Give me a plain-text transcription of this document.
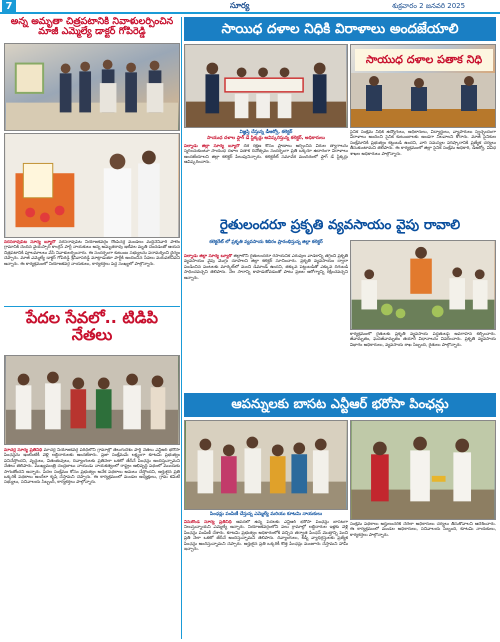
7	సూర్య	శుక్రవారం 2 జనవరి 2025
అన్న అమృతా చిత్రపటానికి నివాళులర్పించిన మాజీ ఎమ్మెల్యే డాక్టర్ గోపిరెడ్డి
నరసరావుపేట సూర్య బ్యూరో నరసరావుపేట నియోజకవర్గం రొంపిచర్ల మండలం మద్దినేనివారి పాలెం గ్రామానికి చెందిన వైయస్సార్ కాంగ్రెస్ పార్టీ నాయకులు అన్న అమృతరావు ఇటీవల మృతి చెందడంతో ఆయన చిత్రపటానికి పూలమాలలు వేసి నివాళులర్పించారు. ఈ సందర్భంగా కుటుంబ సభ్యులను పరామర్శించి ధైర్యం చెప్పారు. మాజీ ఎమ్మెల్యే డాక్టర్ గోపిరెడ్డి శ్రీనివాసరెడ్డి మాట్లాడుతూ పార్టీకి అందించిన సేవలు మరువలేనివని అన్నారు. ఈ కార్యక్రమంలో నియోజకవర్గ నాయకులు, కార్యకర్తలు పెద్ద సంఖ్యలో పాల్గొన్నారు.
పేదల సేవలో.. టిడిపి నేతలు
మాచర్ల సూర్య ప్రతినిధి మాచర్ల నియోజకవర్గ పరిధిలోని గ్రామాల్లో తెలుగుదేశం పార్టీ నేతలు ఎన్టీఆర్ భరోసా పింఛన్లను ఇంటింటికీ వెళ్లి లబ్ధిదారులకు అందజేశారు. ప్రజా సంక్షేమమే లక్ష్యంగా కూటమి ప్రభుత్వం పనిచేస్తోందని, వృద్ధులు, వితంతువులు, దివ్యాంగులకు ప్రతినెలా ఒకటో తేదీనే పింఛన్లు అందిస్తున్నామని నేతలు తెలిపారు. ముఖ్యమంత్రి చంద్రబాబు నాయుడు నాయకత్వంలో రాష్ట్రం అభివృద్ధి పథంలో ముందుకు సాగుతోందని అన్నారు. పేదల సంక్షేమం కోసం ప్రభుత్వం అనేక పథకాలు అమలు చేస్తోందని, అర్హులైన ప్రతి ఒక్కరికీ పథకాలు అందేలా కృషి చేస్తామని చెప్పారు. ఈ కార్యక్రమంలో మండల అధ్యక్షులు, గ్రామ కమిటీ సభ్యులు, సచివాలయ సిబ్బంది, కార్యకర్తలు పాల్గొన్నారు.
సాయిధ దళాల నిధికి విరాళాలు అందజేయాలి
సాయుధ దళాల పతాక నిధి
విజ్ఞప్తి చేస్తున్న డీఆర్వో, కలెక్టర్
సాయుధ దళాల ఫ్లాగ్ డే స్టిక్కర్లు ఆవిష్కరిస్తున్న కలెక్టర్, అధికారులు
పల్నాడు జిల్లా సూర్య బ్యూరో దేశ రక్షణ కోసం ప్రాణాలు అర్పించిన వీరుల త్యాగాలను స్మరించుకుంటూ సాయుధ దళాల పతాక దినోత్సవం సందర్భంగా ప్రతి ఒక్కరూ ఉదారంగా విరాళాలు అందజేయాలని జిల్లా కలెక్టర్ పిలుపునిచ్చారు. కలెక్టరేట్ సమావేశ మందిరంలో ఫ్లాగ్ డే స్టిక్కర్లు ఆవిష్కరించారు.
సైనిక సంక్షేమ నిధికి ఉద్యోగులు, అధికారులు, విద్యార్థులు, వ్యాపారులు స్వచ్ఛందంగా విరాళాలు అందించి సైనిక కుటుంబాలకు అండగా నిలవాలని కోరారు. మాజీ సైనికుల సంక్షేమానికి ప్రభుత్వం కట్టుబడి ఉందని, వారి సమస్యల పరిష్కారానికి ప్రత్యేక చర్యలు తీసుకుంటామని తెలిపారు. ఈ కార్యక్రమంలో జిల్లా సైనిక సంక్షేమ అధికారి, డీఆర్వో, వివిధ శాఖల అధికారులు పాల్గొన్నారు.
రైతులందరూ ప్రకృతి వ్యవసాయం వైపు రావాలి
కలెక్టరేట్ లో ప్రకృతి వ్యవసాయ శిబిరం ప్రారంభిస్తున్న జిల్లా కలెక్టర్
పల్నాడు జిల్లా సూర్య బ్యూరో జిల్లాలోని రైతులందరూ రసాయనిక ఎరువుల వాడకాన్ని తగ్గించి ప్రకృతి వ్యవసాయం వైపు మొగ్గు చూపాలని జిల్లా కలెక్టర్ సూచించారు. ప్రకృతి వ్యవసాయం ద్వారా పండించిన పంటలకు మార్కెట్‌లో మంచి డిమాండ్ ఉందని, తక్కువ పెట్టుబడితో ఎక్కువ దిగుబడి సాధించవచ్చని తెలిపారు. నేల సారాన్ని కాపాడుకోవడంతో పాటు ప్రజల ఆరోగ్యాన్ని రక్షించవచ్చని అన్నారు.
కార్యక్రమంలో రైతులకు ప్రకృతి వ్యవసాయ పద్ధతులపై అవగాహన కల్పించారు. జీవామృతం, ఘనజీవామృతం తయారీ విధానాలను వివరించారు. ప్రకృతి వ్యవసాయ విభాగం అధికారులు, వ్యవసాయ శాఖ సిబ్బంది, రైతులు పాల్గొన్నారు.
ఆపన్నులకు బాసట ఎన్టీఆర్ భరోసా పింఛన్లు
పింఛన్లు పంపిణీ చేస్తున్న ఎమ్మెల్యే మరియు కూటమి నాయకులు
వినుకొండ సూర్య ప్రతినిధి ఆపదలో ఉన్న పేదలకు ఎన్టీఆర్ భరోసా పింఛన్లు బాసటగా నిలుస్తున్నాయని ఎమ్మెల్యే అన్నారు. నియోజకవర్గంలోని పలు గ్రామాల్లో లబ్ధిదారుల ఇళ్లకు వెళ్లి పింఛన్లు పంపిణీ చేశారు. కూటమి ప్రభుత్వం అధికారంలోకి వచ్చిన తర్వాత పింఛన్ మొత్తాన్ని పెంచి ప్రతి నెలా ఒకటో తేదీనే అందిస్తున్నామని తెలిపారు. దివ్యాంగులు, కిడ్నీ వ్యాధిగ్రస్తులకు ప్రత్యేక పింఛన్లు అందిస్తున్నామని చెప్పారు. అర్హులైన ప్రతి ఒక్కరికీ కొత్త పింఛన్లు మంజూరు చేస్తామని హామీ ఇచ్చారు.
సంక్షేమ పథకాలు అర్హులందరికీ చేరేలా అధికారులు చర్యలు తీసుకోవాలని ఆదేశించారు. ఈ కార్యక్రమంలో మండల అధికారులు, సచివాలయ సిబ్బంది, కూటమి నాయకులు, కార్యకర్తలు పాల్గొన్నారు.
